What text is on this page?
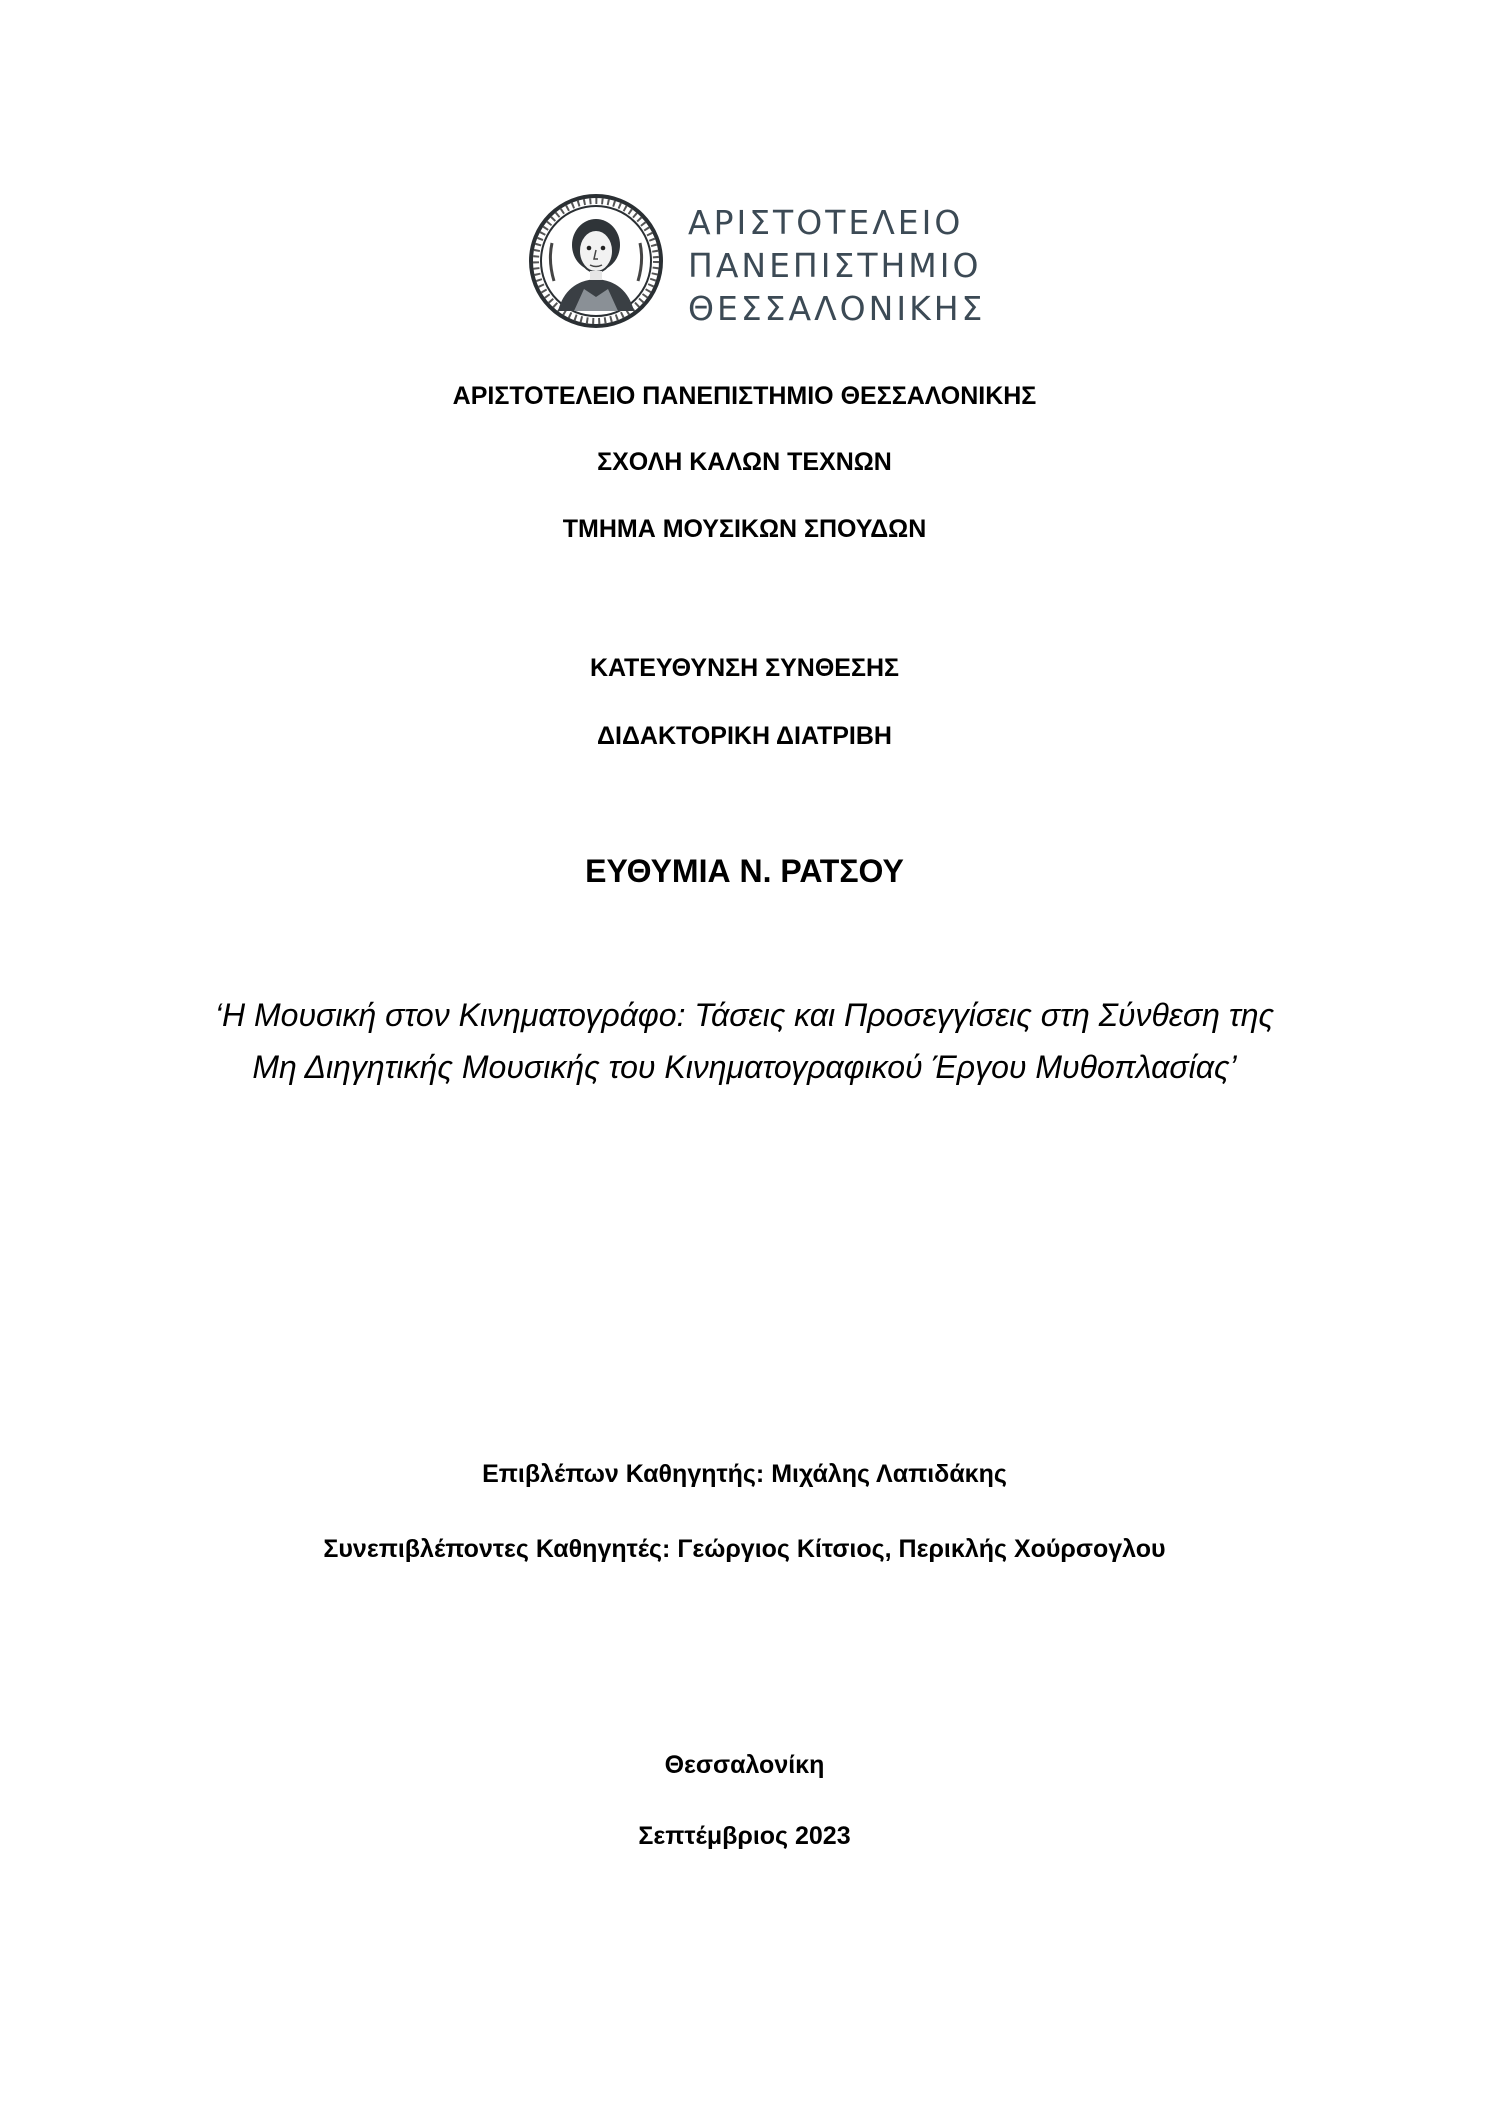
ΑΡΙΣΤΟΤΕΛΕΙΟ
ΠΑΝΕΠΙΣΤΗΜΙΟ
ΘΕΣΣΑΛΟΝΙΚΗΣ
ΑΡΙΣΤΟΤΕΛΕΙΟ ΠΑΝΕΠΙΣΤΗΜΙΟ ΘΕΣΣΑΛΟΝΙΚΗΣ
ΣΧΟΛΗ ΚΑΛΩΝ ΤΕΧΝΩΝ
ΤΜΗΜΑ ΜΟΥΣΙΚΩΝ ΣΠΟΥΔΩΝ
ΚΑΤΕΥΘΥΝΣΗ ΣΥΝΘΕΣΗΣ
ΔΙΔΑΚΤΟΡΙΚΗ ΔΙΑΤΡΙΒΗ
ΕΥΘΥΜΙΑ Ν. ΡΑΤΣΟΥ
‘Η Μουσική στον Κινηματογράφο: Τάσεις και Προσεγγίσεις στη Σύνθεση της
Μη Διηγητικής Μουσικής του Κινηματογραφικού Έργου Μυθοπλασίας’
Επιβλέπων Καθηγητής: Μιχάλης Λαπιδάκης
Συνεπιβλέποντες Καθηγητές: Γεώργιος Κίτσιος, Περικλής Χούρσογλου
Θεσσαλονίκη
Σεπτέμβριος 2023
